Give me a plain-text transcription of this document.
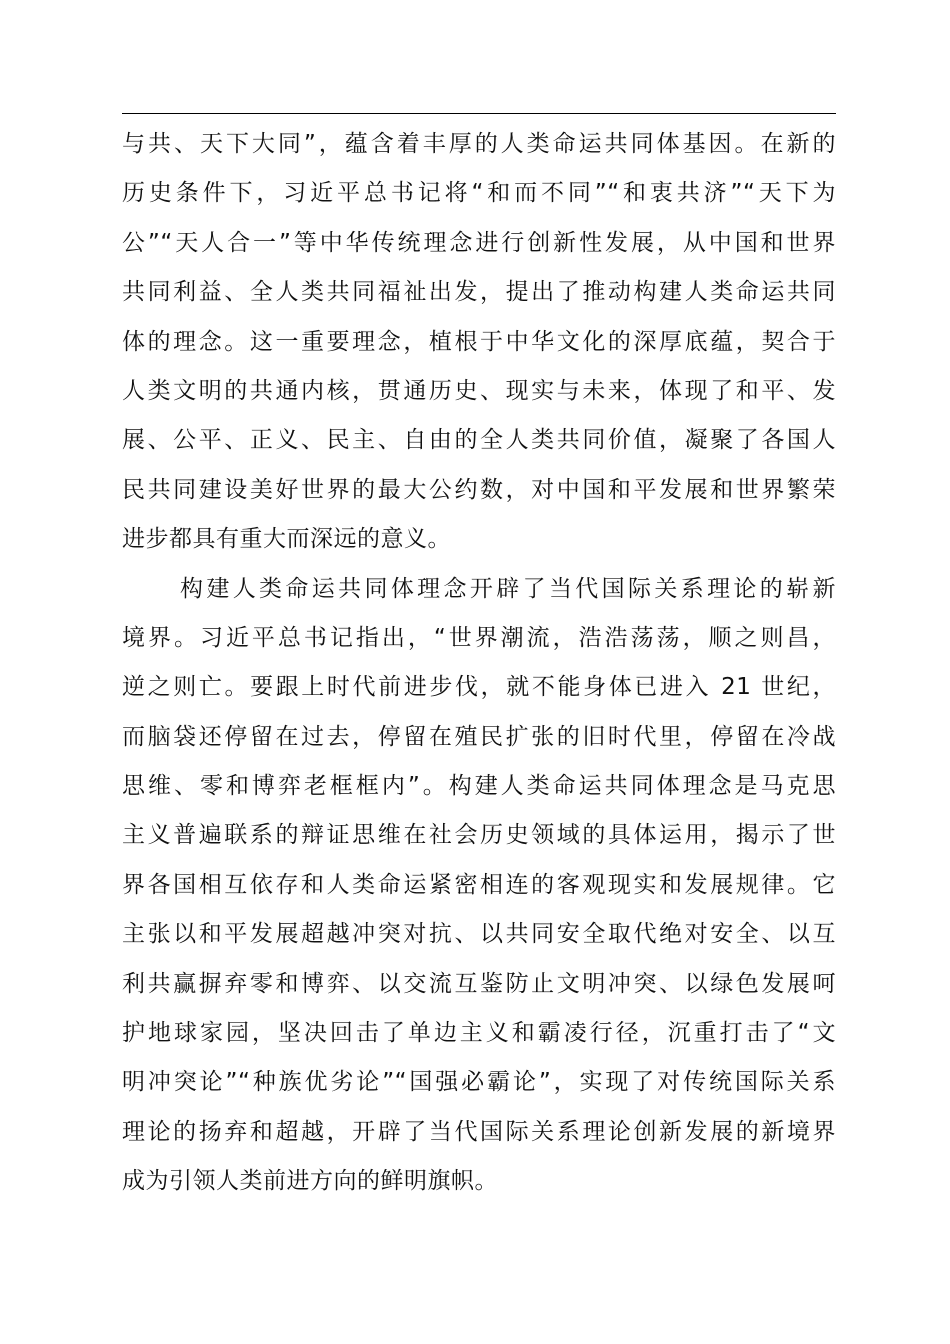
与共、天下大同”，蕴含着丰厚的人类命运共同体基因。在新的
历史条件下，习近平总书记将“和而不同”“和衷共济”“天下为
公”“天人合一”等中华传统理念进行创新性发展，从中国和世界
共同利益、全人类共同福祉出发，提出了推动构建人类命运共同
体的理念。这一重要理念，植根于中华文化的深厚底蕴，契合于
人类文明的共通内核，贯通历史、现实与未来，体现了和平、发
展、公平、正义、民主、自由的全人类共同价值，凝聚了各国人
民共同建设美好世界的最大公约数，对中国和平发展和世界繁荣
进步都具有重大而深远的意义。
构建人类命运共同体理念开辟了当代国际关系理论的崭新
境界。习近平总书记指出，“世界潮流，浩浩荡荡，顺之则昌，
逆之则亡。要跟上时代前进步伐，就不能身体已进入 21 世纪，
而脑袋还停留在过去，停留在殖民扩张的旧时代里，停留在冷战
思维、零和博弈老框框内”。构建人类命运共同体理念是马克思
主义普遍联系的辩证思维在社会历史领域的具体运用，揭示了世
界各国相互依存和人类命运紧密相连的客观现实和发展规律。它
主张以和平发展超越冲突对抗、以共同安全取代绝对安全、以互
利共赢摒弃零和博弈、以交流互鉴防止文明冲突、以绿色发展呵
护地球家园，坚决回击了单边主义和霸凌行径，沉重打击了“文
明冲突论”“种族优劣论”“国强必霸论”，实现了对传统国际关系
理论的扬弃和超越，开辟了当代国际关系理论创新发展的新境界
成为引领人类前进方向的鲜明旗帜。
